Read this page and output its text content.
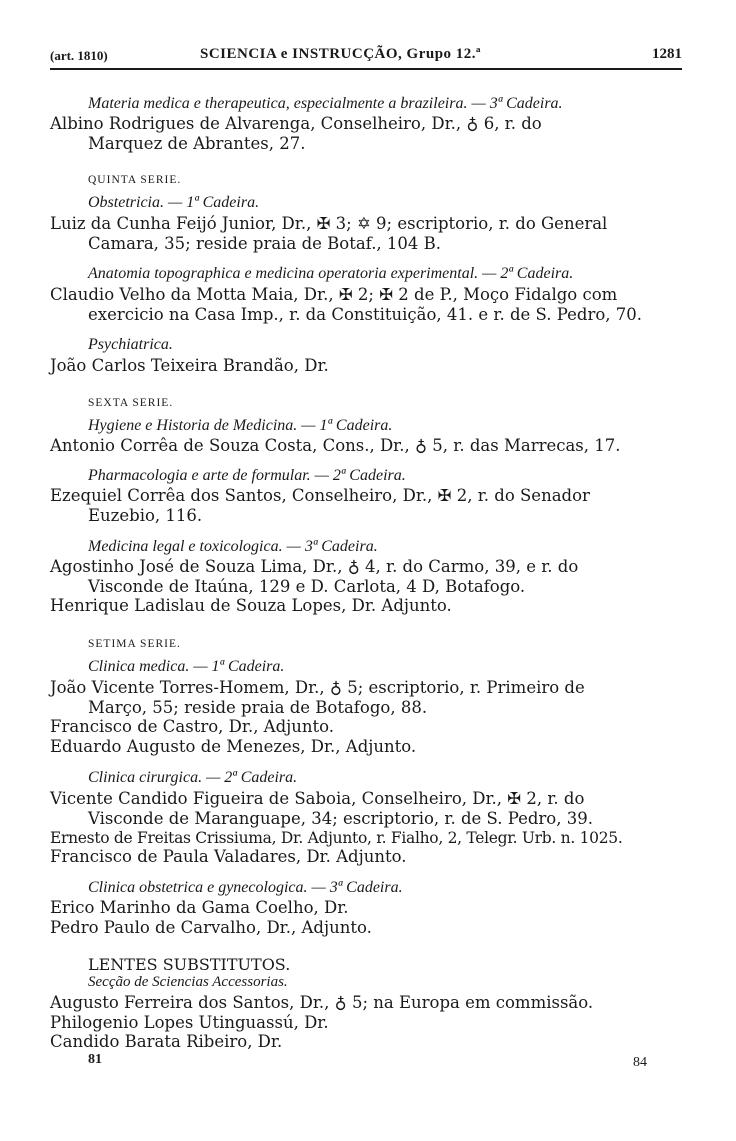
(art. 1810)	SCIENCIA e INSTRUCÇÃO, Grupo 12.ª	1281
Materia medica e therapeutica, especialmente a brazileira. — 3ª Cadeira.
Albino Rodrigues de Alvarenga, Conselheiro, Dr., ♁ 6, r. do
Marquez de Abrantes, 27.
QUINTA SERIE.
Obstetricia. — 1ª Cadeira.
Luiz da Cunha Feijó Junior, Dr., ✠ 3; ✡ 9; escriptorio, r. do General
Camara, 35; reside praia de Botaf., 104 B.
Anatomia topographica e medicina operatoria experimental. — 2ª Cadeira.
Claudio Velho da Motta Maia, Dr., ✠ 2; ✠ 2 de P., Moço Fidalgo com
exercicio na Casa Imp., r. da Constituição, 41. e r. de S. Pedro, 70.
Psychiatrica.
João Carlos Teixeira Brandão, Dr.
SEXTA SERIE.
Hygiene e Historia de Medicina. — 1ª Cadeira.
Antonio Corrêa de Souza Costa, Cons., Dr., ♁ 5, r. das Marrecas, 17.
Pharmacologia e arte de formular. — 2ª Cadeira.
Ezequiel Corrêa dos Santos, Conselheiro, Dr., ✠ 2, r. do Senador
Euzebio, 116.
Medicina legal e toxicologica. — 3ª Cadeira.
Agostinho José de Souza Lima, Dr., ♁ 4, r. do Carmo, 39, e r. do
Visconde de Itaúna, 129 e D. Carlota, 4 D, Botafogo.
Henrique Ladislau de Souza Lopes, Dr. Adjunto.
SETIMA SERIE.
Clinica medica. — 1ª Cadeira.
João Vicente Torres-Homem, Dr., ♁ 5; escriptorio, r. Primeiro de
Março, 55; reside praia de Botafogo, 88.
Francisco de Castro, Dr., Adjunto.
Eduardo Augusto de Menezes, Dr., Adjunto.
Clinica cirurgica. — 2ª Cadeira.
Vicente Candido Figueira de Saboia, Conselheiro, Dr., ✠ 2, r. do
Visconde de Maranguape, 34; escriptorio, r. de S. Pedro, 39.
Ernesto de Freitas Crissiuma, Dr. Adjunto, r. Fialho, 2, Telegr. Urb. n. 1025.
Francisco de Paula Valadares, Dr. Adjunto.
Clinica obstetrica e gynecologica. — 3ª Cadeira.
Erico Marinho da Gama Coelho, Dr.
Pedro Paulo de Carvalho, Dr., Adjunto.
LENTES SUBSTITUTOS.
Secção de Sciencias Accessorias.
Augusto Ferreira dos Santos, Dr., ♁ 5; na Europa em commissão.
Philogenio Lopes Utinguassú, Dr.
Candido Barata Ribeiro, Dr.
81	84
